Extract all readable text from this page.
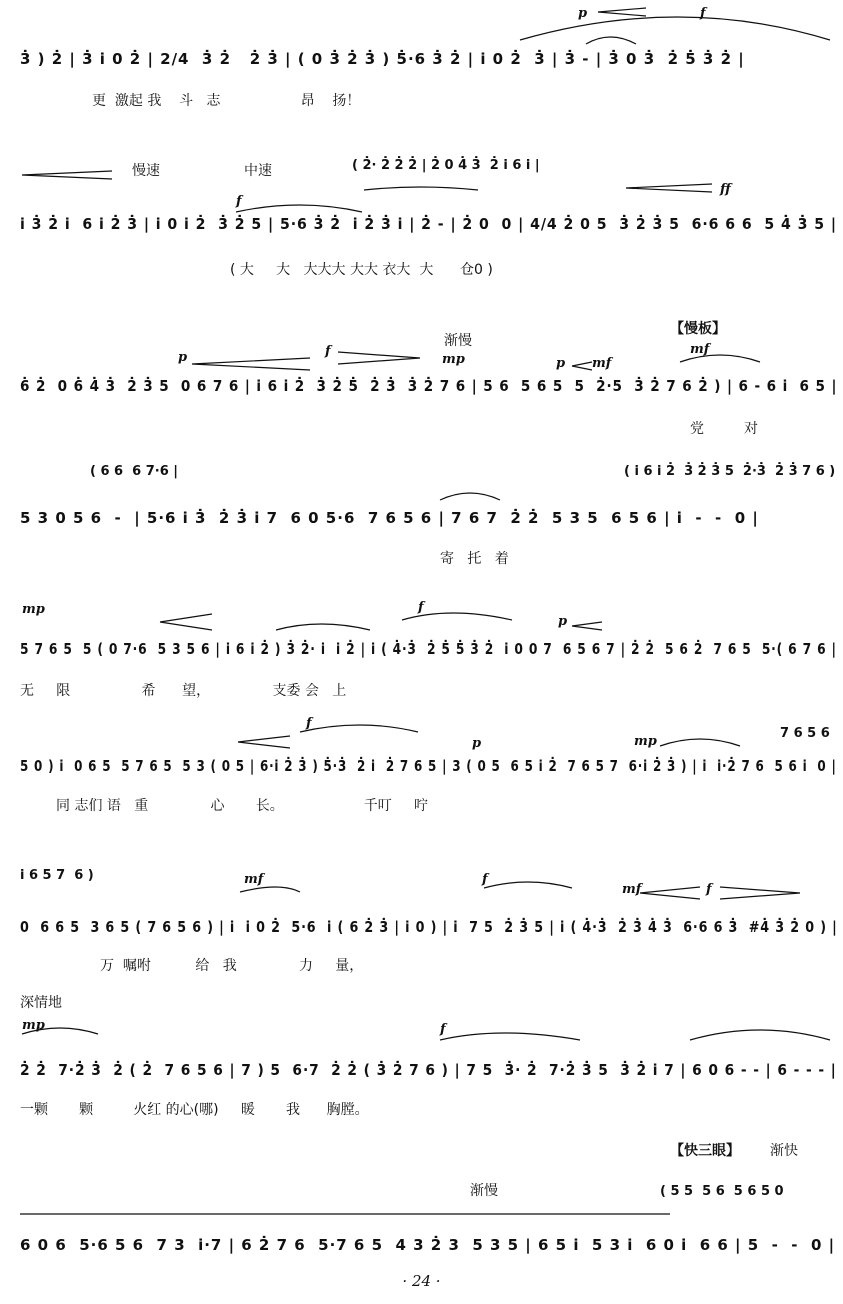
p	f
3̇ ) 2̇ | 3̇ i 0 2̇ | 2/4  3̇ 2̇   2̇ 3̇ | ( 0 3̇ 2̇ 3̇ ) 5̇·6 3̇ 2̇ | i 0 2̇  3̇ | 3̇ - | 3̇ 0 3̇  2̇ 5̇ 3̇ 2̇ |
更  激起 我    斗   志                  昂    扬！
慢速	中速	( 2̇· 2̇ 2̇ 2̇ | 2̇ 0 4̇ 3̇  2̇ i 6 i |
f
ff
i 3̇ 2̇ i  6 i 2̇ 3̇ | i 0 i 2̇  3̇ 2̇ 5 | 5·6 3̇ 2̇  i 2̇ 3̇ i | 2̇ - | 2̇ 0  0 | 4/4 2̇ 0 5  3̇ 2̇ 3̇ 5  6·6 6 6  5 4̇ 3̇ 5 |
( 大     大   大大大 大大 衣大  大      仓0 )
【慢板】
渐慢
p	f
mp	p mf
mf
6̇ 2̇  0 6̇ 4̇ 3̇  2̇ 3̇ 5  0 6 7 6 | i 6 i 2̇  3̇ 2̇ 5̇  2̇ 3̇  3̇ 2̇ 7 6 | 5 6  5 6 5  5  2̇·5  3̇ 2̇ 7 6 2̇ ) | 6 - 6 i  6 5 |
党         对
( 6 6  6 7·6 |	( i 6 i 2̇  3̇ 2̇ 3̇ 5  2̇·3̇  2̇ 3̇ 7 6 )
5 3 0 5 6  -  | 5·6 i 3̇  2̇ 3̇ i 7  6 0 5·6  7 6 5 6 | 7 6 7  2̇ 2̇  5 3 5  6 5 6 | i  -  -  0 |
寄   托   着
mp	f
p
5 7 6 5  5 ( 0 7·6  5 3 5 6 | i 6 i 2̇ ) 3̇ 2̇· i  i 2̇ | i ( 4̇·3̇  2̇ 5̇ 5̇ 3̇ 2̇  i 0 0 7  6 5 6 7 | 2̇ 2̇  5 6 2̇  7 6 5  5·( 6 7 6 |
无     限                希      望，              支委 会   上
7 6 5 6
f
p	mp
5 0 ) i  0 6 5  5 7 6 5  5 3 ( 0 5 | 6·i 2̇ 3̇ ) 5̇·3̇  2̇ i  2̇ 7 6 5 | 3 ( 0 5  6 5 i 2̇  7 6 5 7  6·i 2̇ 3̇ ) | i  i·2̇ 7 6  5 6 i  0 |
同 志们 语   重              心       长。                  千叮     咛
i 6 5 7  6 )	mf	f
mf	f
0  6 6 5  3 6 5 ( 7 6 5 6 ) | i  i 0 2̇  5·6  i ( 6 2̇ 3̇ | i 0 ) | i  7 5  2̇ 3̇ 5 | i ( 4̇·3̇  2̇ 3̇ 4̇ 3̇  6·6 6 3̇  #4̇ 3̇ 2̇ 0 ) |
万  嘱咐          给   我              力     量，
深情地
mp	f
2̇ 2̇  7·2̇ 3̇  2̇ ( 2̇  7 6 5 6 | 7 ) 5  6·7  2̇ 2̇ ( 3̇ 2̇ 7 6 ) | 7 5  3̇· 2̇  7·2̇ 3̇ 5  3̇ 2̇ i 7 | 6 0 6 - - | 6 - - - |
一颗       颗         火红 的心(哪)     暖       我      胸膛。
【快三眼】 渐快
渐慢	( 5 5  5 6  5 6 5 0
6 0 6  5·6 5 6  7 3  i·7 | 6 2̇ 7 6  5·7 6 5  4 3 2̇ 3  5 3 5 | 6 5 i  5 3 i  6 0 i  6 6 | 5  -  -  0 |
· 24 ·
